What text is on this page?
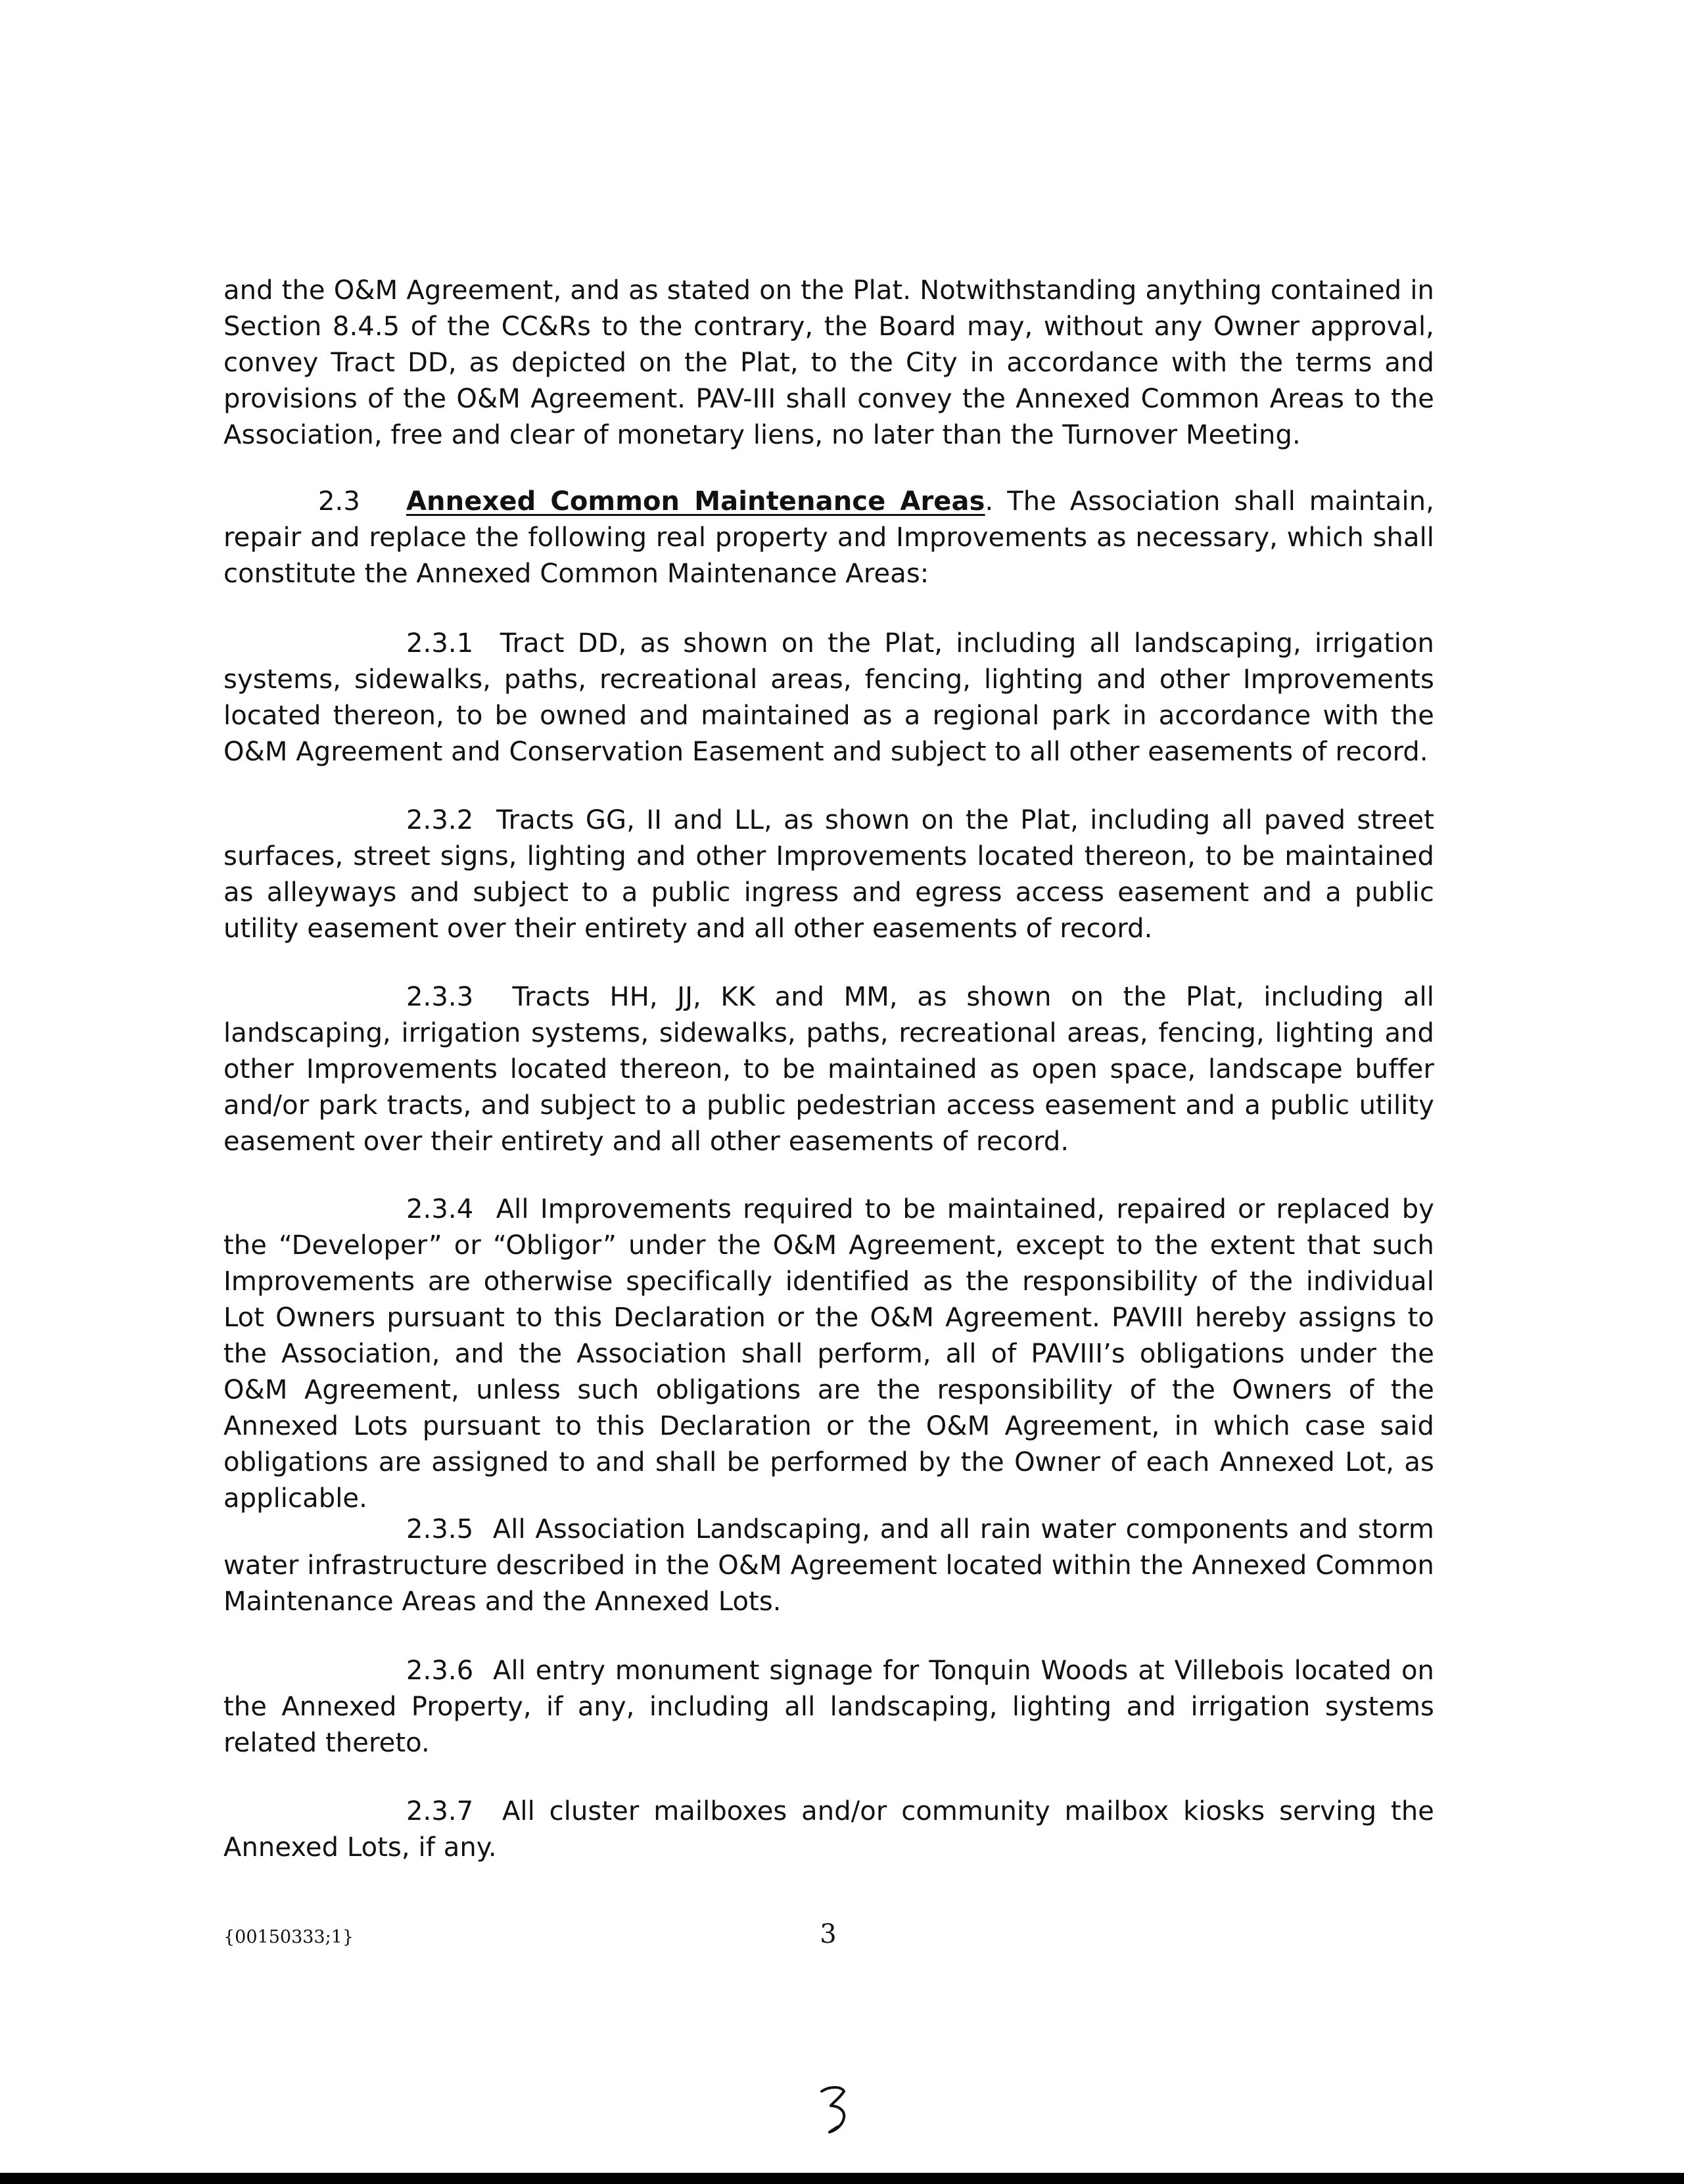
and the O&M Agreement, and as stated on the Plat. Notwithstanding anything contained in Section 8.4.5 of the CC&Rs to the contrary, the Board may, without any Owner approval, convey Tract DD, as depicted on the Plat, to the City in accordance with the terms and provisions of the O&M Agreement. PAV-III shall convey the Annexed Common Areas to the Association, free and clear of monetary liens, no later than the Turnover Meeting.

2.3 Annexed Common Maintenance Areas. The Association shall maintain, repair and replace the following real property and Improvements as necessary, which shall constitute the Annexed Common Maintenance Areas:

2.3.1 Tract DD, as shown on the Plat, including all landscaping, irrigation systems, sidewalks, paths, recreational areas, fencing, lighting and other Improvements located thereon, to be owned and maintained as a regional park in accordance with the O&M Agreement and Conservation Easement and subject to all other easements of record.

2.3.2 Tracts GG, II and LL, as shown on the Plat, including all paved street surfaces, street signs, lighting and other Improvements located thereon, to be maintained as alleyways and subject to a public ingress and egress access easement and a public utility easement over their entirety and all other easements of record.

2.3.3 Tracts HH, JJ, KK and MM, as shown on the Plat, including all landscaping, irrigation systems, sidewalks, paths, recreational areas, fencing, lighting and other Improvements located thereon, to be maintained as open space, landscape buffer and/or park tracts, and subject to a public pedestrian access easement and a public utility easement over their entirety and all other easements of record.

2.3.4 All Improvements required to be maintained, repaired or replaced by the “Developer” or “Obligor” under the O&M Agreement, except to the extent that such Improvements are otherwise specifically identified as the responsibility of the individual Lot Owners pursuant to this Declaration or the O&M Agreement. PAVIII hereby assigns to the Association, and the Association shall perform, all of PAVIII’s obligations under the O&M Agreement, unless such obligations are the responsibility of the Owners of the Annexed Lots pursuant to this Declaration or the O&M Agreement, in which case said obligations are assigned to and shall be performed by the Owner of each Annexed Lot, as applicable.

2.3.5 All Association Landscaping, and all rain water components and storm water infrastructure described in the O&M Agreement located within the Annexed Common Maintenance Areas and the Annexed Lots.

2.3.6 All entry monument signage for Tonquin Woods at Villebois located on the Annexed Property, if any, including all landscaping, lighting and irrigation systems related thereto.

2.3.7 All cluster mailboxes and/or community mailbox kiosks serving the Annexed Lots, if any.

{00150333;1}	3
